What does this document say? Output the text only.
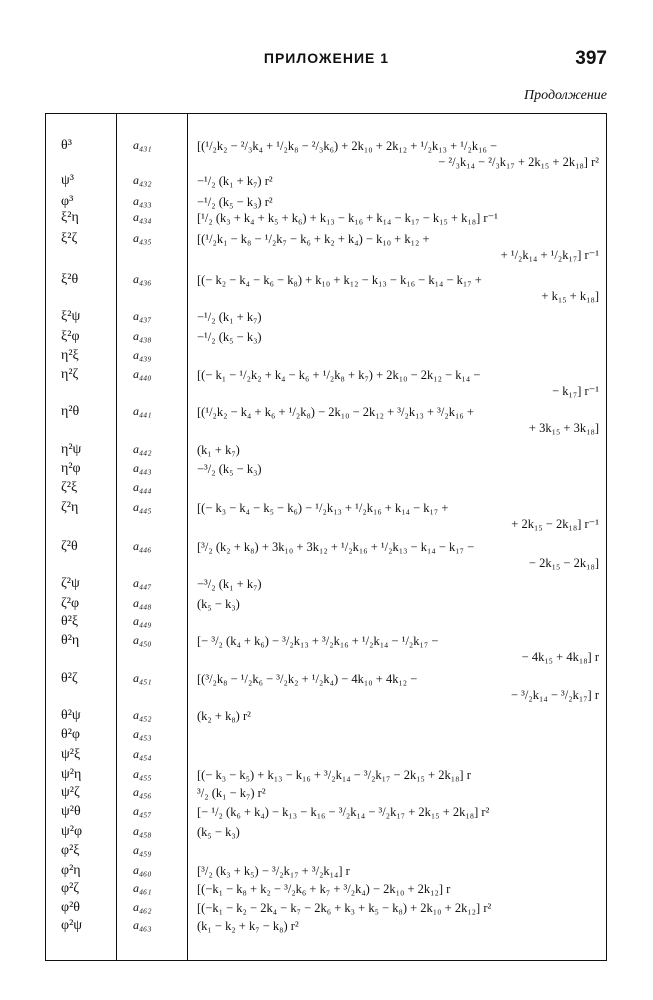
ПРИЛОЖЕНИЕ 1	397
Продолжение
θ³	a₄₃₁	[(¹/₂k₂ − ²/₃k₄ + ¹/₂k₈ − ²/₃k₆) + 2k₁₀ + 2k₁₂ + ¹/₂k₁₃ + ¹/₂k₁₆ −
− ²/₃k₁₄ − ²/₃k₁₇ + 2k₁₅ + 2k₁₈] r²
ψ³	a₄₃₂	−¹/₂ (k₁ + k₇) r²
φ³	a₄₃₃	−¹/₂ (k₅ − k₃) r²
ξ²η	a₄₃₄	[¹/₂ (k₃ + k₄ + k₅ + k₆) + k₁₃ − k₁₆ + k₁₄ − k₁₇ − k₁₅ + k₁₈] r⁻¹
ξ²ζ	a₄₃₅	[(¹/₂k₁ − k₈ − ¹/₂k₇ − k₆ + k₂ + k₄) − k₁₀ + k₁₂ +
+ ¹/₂k₁₄ + ¹/₂k₁₇] r⁻¹
ξ²θ	a₄₃₆	[(− k₂ − k₄ − k₆ − k₈) + k₁₀ + k₁₂ − k₁₃ − k₁₆ − k₁₄ − k₁₇ +
+ k₁₅ + k₁₈]
ξ²ψ	a₄₃₇	−¹/₂ (k₁ + k₇)
ξ²φ	a₄₃₈	−¹/₂ (k₅ − k₃)
η²ξ	a₄₃₉
η²ζ	a₄₄₀	[(− k₁ − ¹/₂k₂ + k₄ − k₆ + ¹/₂k₈ + k₇) + 2k₁₀ − 2k₁₂ − k₁₄ −
− k₁₇] r⁻¹
η²θ	a₄₄₁	[(¹/₂k₂ − k₄ + k₆ + ¹/₂k₈) − 2k₁₀ − 2k₁₂ + ³/₂k₁₃ + ³/₂k₁₆ +
+ 3k₁₅ + 3k₁₈]
η²ψ	a₄₄₂	(k₁ + k₇)
η²φ	a₄₄₃	−³/₂ (k₅ − k₃)
ζ²ξ	a₄₄₄
ζ²η	a₄₄₅	[(− k₃ − k₄ − k₅ − k₆) − ¹/₂k₁₃ + ¹/₂k₁₆ + k₁₄ − k₁₇ +
+ 2k₁₅ − 2k₁₈] r⁻¹
ζ²θ	a₄₄₆	[³/₂ (k₂ + k₈) + 3k₁₀ + 3k₁₂ + ¹/₂k₁₆ + ¹/₂k₁₃ − k₁₄ − k₁₇ −
− 2k₁₅ − 2k₁₈]
ζ²ψ	a₄₄₇	−³/₂ (k₁ + k₇)
ζ²φ	a₄₄₈	(k₅ − k₃)
θ²ξ	a₄₄₉
θ²η	a₄₅₀	[− ³/₂ (k₄ + k₆) − ³/₂k₁₃ + ³/₂k₁₆ + ¹/₂k₁₄ − ¹/₂k₁₇ −
− 4k₁₅ + 4k₁₈] r
θ²ζ	a₄₅₁	[(³/₂k₈ − ¹/₂k₆ − ³/₂k₂ + ¹/₂k₄) − 4k₁₀ + 4k₁₂ −
− ³/₂k₁₄ − ³/₂k₁₇] r
θ²ψ	a₄₅₂	(k₂ + k₈) r²
θ²φ	a₄₅₃
ψ²ξ	a₄₅₄
ψ²η	a₄₅₅	[(− k₃ − k₅) + k₁₃ − k₁₆ + ³/₂k₁₄ − ³/₂k₁₇ − 2k₁₅ + 2k₁₈] r
ψ²ζ	a₄₅₆	³/₂ (k₁ − k₇) r²
ψ²θ	a₄₅₇	[− ¹/₂ (k₆ + k₄) − k₁₃ − k₁₆ − ³/₂k₁₄ − ³/₂k₁₇ + 2k₁₅ + 2k₁₈] r²
ψ²φ	a₄₅₈	(k₅ − k₃)
φ²ξ	a₄₅₉
φ²η	a₄₆₀	[³/₂ (k₃ + k₅) − ³/₂k₁₇ + ³/₂k₁₄] r
φ²ζ	a₄₆₁	[(−k₁ − k₈ + k₂ − ³/₂k₆ + k₇ + ³/₂k₄) − 2k₁₀ + 2k₁₂] r
φ²θ	a₄₆₂	[(−k₁ − k₂ − 2k₄ − k₇ − 2k₆ + k₃ + k₅ − k₈) + 2k₁₀ + 2k₁₂] r²
φ²ψ	a₄₆₃	(k₁ − k₂ + k₇ − k₈) r²
